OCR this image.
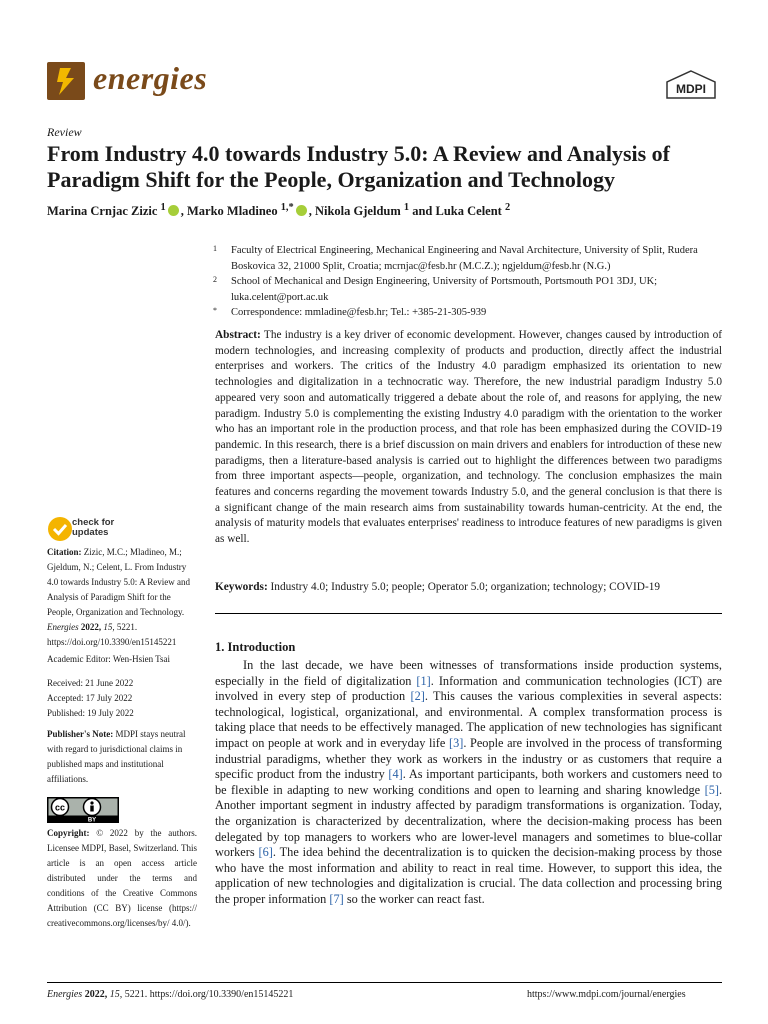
energies	MDPI
Review
From Industry 4.0 towards Industry 5.0: A Review and Analysis of Paradigm Shift for the People, Organization and Technology
Marina Crnjac Zizic $^1$ , Marko Mladineo $^{1,*}$ , Nikola Gjeldum $^1$ and Luka Celent $^2$
1 Faculty of Electrical Engineering, Mechanical Engineering and Naval Architecture, University of Split, Rudera Boskovica 32, 21000 Split, Croatia; mcrnjac@fesb.hr (M.C.Z.); ngjeldum@fesb.hr (N.G.)
2 School of Mechanical and Design Engineering, University of Portsmouth, Portsmouth PO1 3DJ, UK; luka.celent@port.ac.uk
* Correspondence: mmladine@fesb.hr; Tel.: +385-21-305-939
Abstract: The industry is a key driver of economic development. However, changes caused by introduction of modern technologies, and increasing complexity of products and production, directly affect the industrial enterprises and workers. The critics of the Industry 4.0 paradigm emphasized its orientation to new technologies and digitalization in a technocratic way. Therefore, the new industrial paradigm Industry 5.0 appeared very soon and automatically triggered a debate about the role of, and reasons for applying, the new paradigm. Industry 5.0 is complementing the existing Industry 4.0 paradigm with the orientation to the worker who has an important role in the production process, and that role has been emphasized during the COVID-19 pandemic. In this research, there is a brief discussion on main drivers and enablers for introduction of these new paradigms, then a literature-based analysis is carried out to highlight the differences between two paradigms from three important aspects—people, organization, and technology. The conclusion emphasizes the main features and concerns regarding the movement towards Industry 5.0, and the general conclusion is that there is a significant change of the main research aims from sustainability towards human-centricity. At the end, the analysis of maturity models that evaluates enterprises' readiness to introduce features of new paradigms is given as well.
Keywords: Industry 4.0; Industry 5.0; people; Operator 5.0; organization; technology; COVID-19
check for
updates
Citation: Zizic, M.C.; Mladineo, M.; Gjeldum, N.; Celent, L. From Industry 4.0 towards Industry 5.0: A Review and Analysis of Paradigm Shift for the People, Organization and Technology. Energies 2022, 15, 5221. https://doi.org/10.3390/en15145221
Academic Editor: Wen-Hsien Tsai
Received: 21 June 2022
Accepted: 17 July 2022
Published: 19 July 2022
Publisher's Note: MDPI stays neutral with regard to jurisdictional claims in published maps and institutional affiliations.
cc
BY
Copyright: © 2022 by the authors. Licensee MDPI, Basel, Switzerland. This article is an open access article distributed under the terms and conditions of the Creative Commons Attribution (CC BY) license (https:// creativecommons.org/licenses/by/ 4.0/).
1. Introduction
In the last decade, we have been witnesses of transformations inside production systems, especially in the field of digitalization [1]. Information and communication technologies (ICT) are involved in every step of production [2]. This causes the various complexities in several aspects: technological, logistical, organizational, and environmental. A complex transformation process is taking place that needs to be effectively managed. The application of new technologies has significant impact on people at work and in everyday life [3]. People are involved in the process of transforming industrial paradigms, whether they work as workers in the industry or as customers that require a specific product from the industry [4]. As important participants, both workers and customers need to be flexible in adapting to new working conditions and open to learning and sharing knowledge [5]. Another important segment in industry affected by paradigm transformations is organization. Today, the organization is characterized by decentralization, where the decision-making process has been delegated by top managers to workers who are lower-level managers and sometimes to blue-collar workers [6]. The idea behind the decentralization is to quicken the decision-making process by those who have the most information and ability to react in real time. However, to support this idea, the application of new technologies and digitalization is crucial. The data collection and processing bring the proper information [7] so the worker can react fast.
Energies 2022, 15, 5221. https://doi.org/10.3390/en15145221	https://www.mdpi.com/journal/energies
